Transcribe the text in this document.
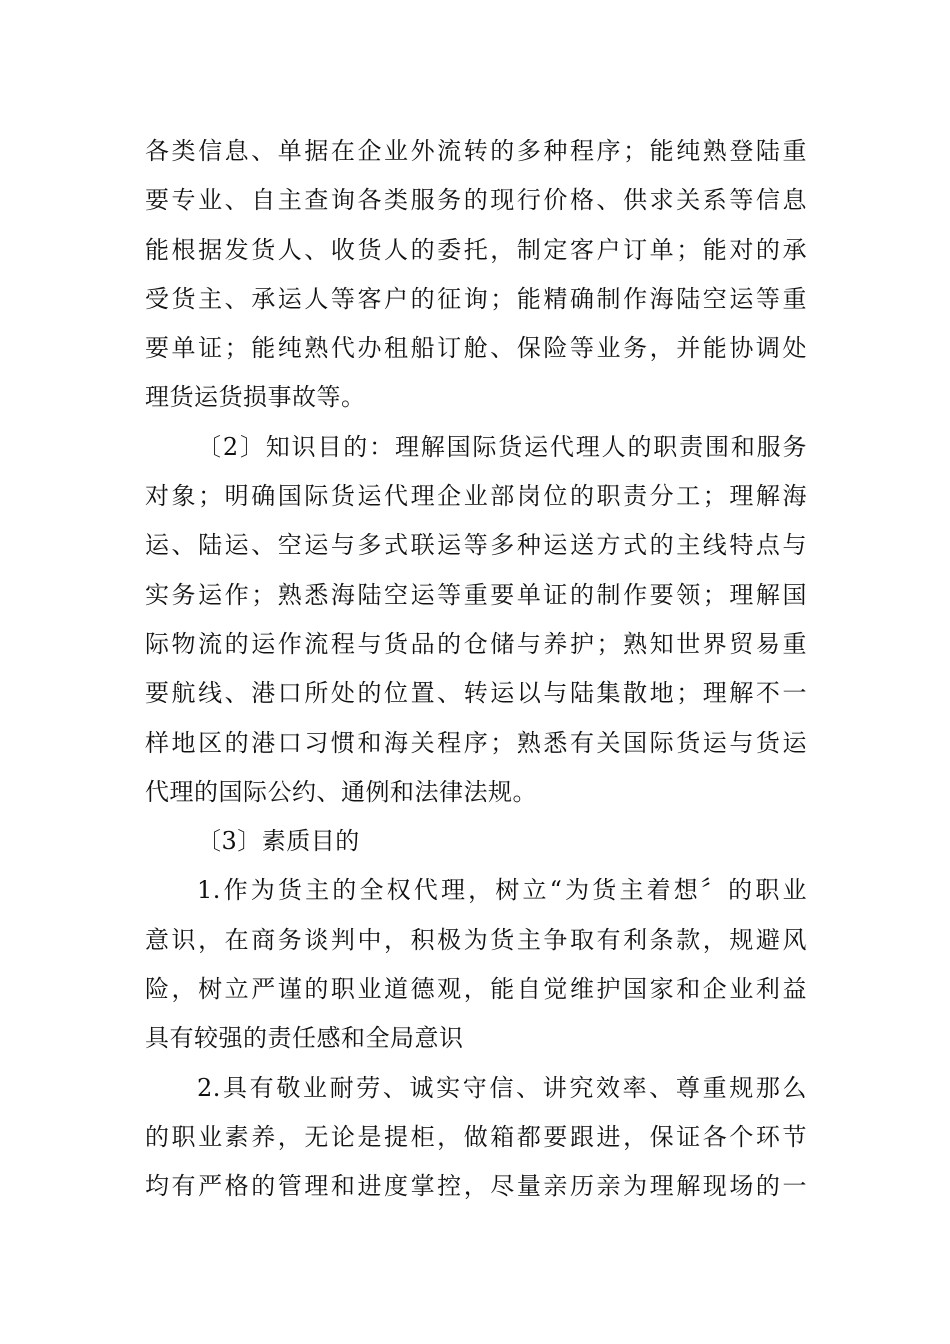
各类信息、单据在企业外流转的多种程序；能纯熟登陆重
要专业、自主查询各类服务的现行价格、供求关系等信息
能根据发货人、收货人的委托，制定客户订单；能对的承
受货主、承运人等客户的征询；能精确制作海陆空运等重
要单证；能纯熟代办租船订舱、保险等业务，并能协调处
理货运货损事故等。
〔2〕知识目的：理解国际货运代理人的职责围和服务
对象；明确国际货运代理企业部岗位的职责分工；理解海
运、陆运、空运与多式联运等多种运送方式的主线特点与
实务运作；熟悉海陆空运等重要单证的制作要领；理解国
际物流的运作流程与货品的仓储与养护；熟知世界贸易重
要航线、港口所处的位置、转运以与陆集散地；理解不一
样地区的港口习惯和海关程序；熟悉有关国际货运与货运
代理的国际公约、通例和法律法规。
〔3〕素质目的
1.作为货主的全权代理，树立“为货主着想〞的职业
意识，在商务谈判中，积极为货主争取有利条款，规避风
险，树立严谨的职业道德观，能自觉维护国家和企业利益
具有较强的责任感和全局意识
2.具有敬业耐劳、诚实守信、讲究效率、尊重规那么
的职业素养，无论是提柜，做箱都要跟进，保证各个环节
均有严格的管理和进度掌控，尽量亲历亲为理解现场的一
